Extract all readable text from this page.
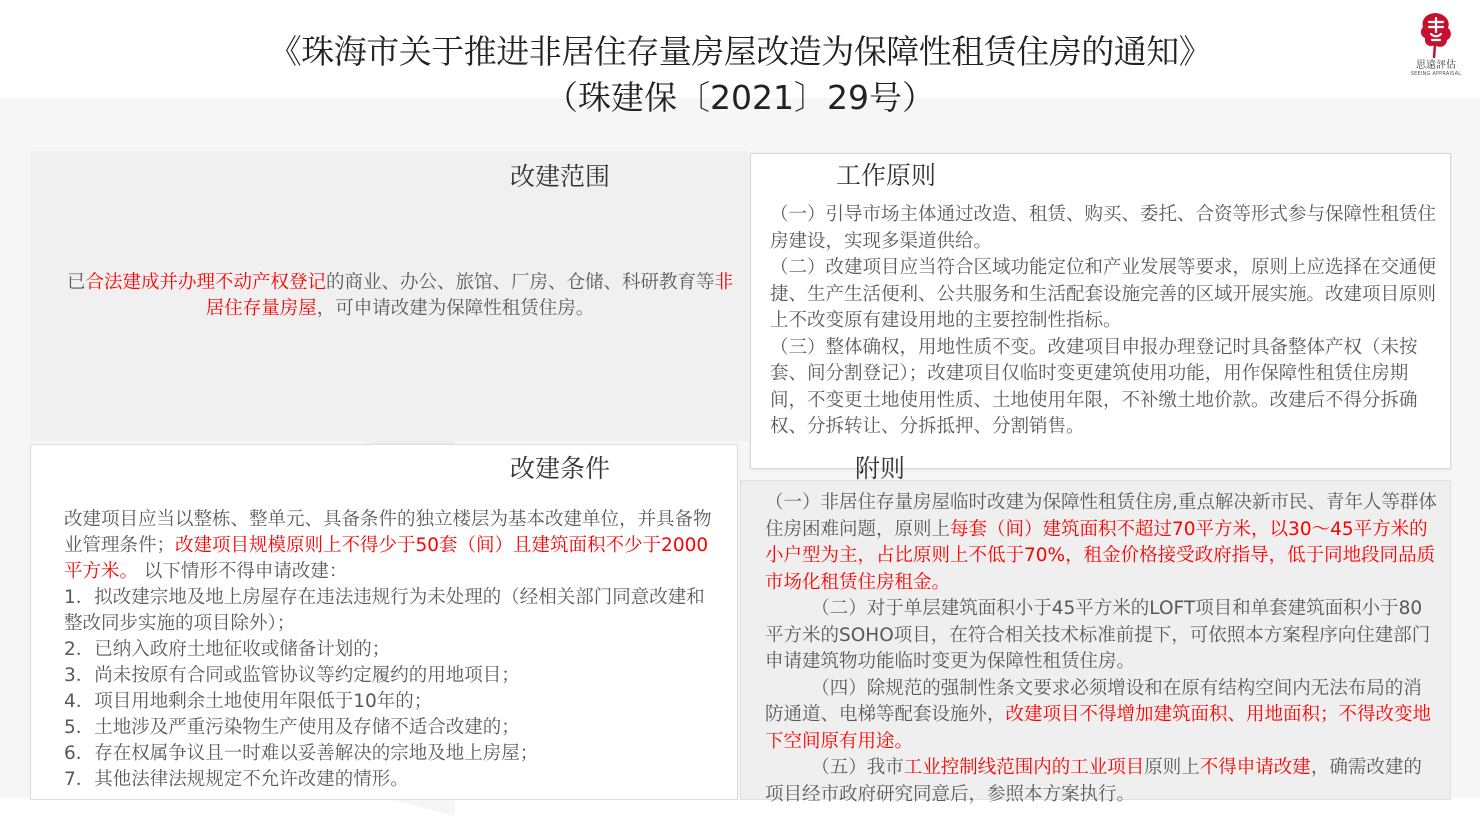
《珠海市关于推进非居住存量房屋改造为保障性租赁住房的通知》
（珠建保〔2021〕29号）
思遠評估
SEEING APPRAISAL
改建范围
已合法建成并办理不动产权登记的商业、办公、旅馆、厂房、仓储、科研教育等非居住存量房屋，可申请改建为保障性租赁住房。
工作原则

（一）引导市场主体通过改造、租赁、购买、委托、合资等形式参与保障性租赁住房建设，实现多渠道供给。

（二）改建项目应当符合区域功能定位和产业发展等要求，原则上应选择在交通便捷、生产生活便利、公共服务和生活配套设施完善的区域开展实施。改建项目原则上不改变原有建设用地的主要控制性指标。

（三）整体确权，用地性质不变。改建项目申报办理登记时具备整体产权（未按套、间分割登记）；改建项目仅临时变更建筑使用功能，用作保障性租赁住房期间，不变更土地使用性质、土地使用年限，不补缴土地价款。改建后不得分拆确权、分拆转让、分拆抵押、分割销售。

改建条件

改建项目应当以整栋、整单元、具备条件的独立楼层为基本改建单位，并具备物业管理条件；改建项目规模原则上不得少于50套（间）且建筑面积不少于2000平方米。 以下情形不得申请改建：

1．拟改建宗地及地上房屋存在违法违规行为未处理的（经相关部门同意改建和整改同步实施的项目除外）；
2．已纳入政府土地征收或储备计划的；
3．尚未按原有合同或监管协议等约定履约的用地项目；
4．项目用地剩余土地使用年限低于10年的；
5．土地涉及严重污染物生产使用及存储不适合改建的；
6．存在权属争议且一时难以妥善解决的宗地及地上房屋；
7．其他法律法规规定不允许改建的情形。
附则

（一）非居住存量房屋临时改建为保障性租赁住房,重点解决新市民、青年人等群体住房困难问题，原则上每套（间）建筑面积不超过70平方米，以30～45平方米的小户型为主，占比原则上不低于70%，租金价格接受政府指导，低于同地段同品质市场化租赁住房租金。

（二）对于单层建筑面积小于45平方米的LOFT项目和单套建筑面积小于80平方米的SOHO项目，在符合相关技术标准前提下，可依照本方案程序向住建部门申请建筑物功能临时变更为保障性租赁住房。

（四）除规范的强制性条文要求必须增设和在原有结构空间内无法布局的消防通道、电梯等配套设施外，改建项目不得增加建筑面积、用地面积；不得改变地下空间原有用途。

（五）我市工业控制线范围内的工业项目原则上不得申请改建，确需改建的项目经市政府研究同意后，参照本方案执行。
